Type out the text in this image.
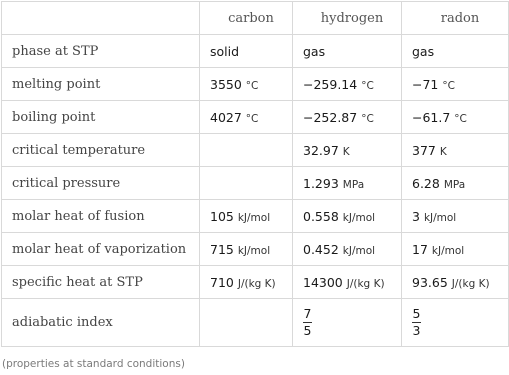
	carbon	hydrogen	radon
phase at STP	solid	gas	gas
melting point	3550 °C	−259.14 °C	−71 °C
boiling point	4027 °C	−252.87 °C	−61.7 °C
critical temperature		32.97 K	377 K
critical pressure		1.293 MPa	6.28 MPa
molar heat of fusion	105 kJ/mol	0.558 kJ/mol	3 kJ/mol
molar heat of vaporization	715 kJ/mol	0.452 kJ/mol	17 kJ/mol
specific heat at STP	710 J/(kg K)	14300 J/(kg K)	93.65 J/(kg K)
adiabatic index		$\frac{7}{5}$	$\frac{5}{3}$
(properties at standard conditions)
